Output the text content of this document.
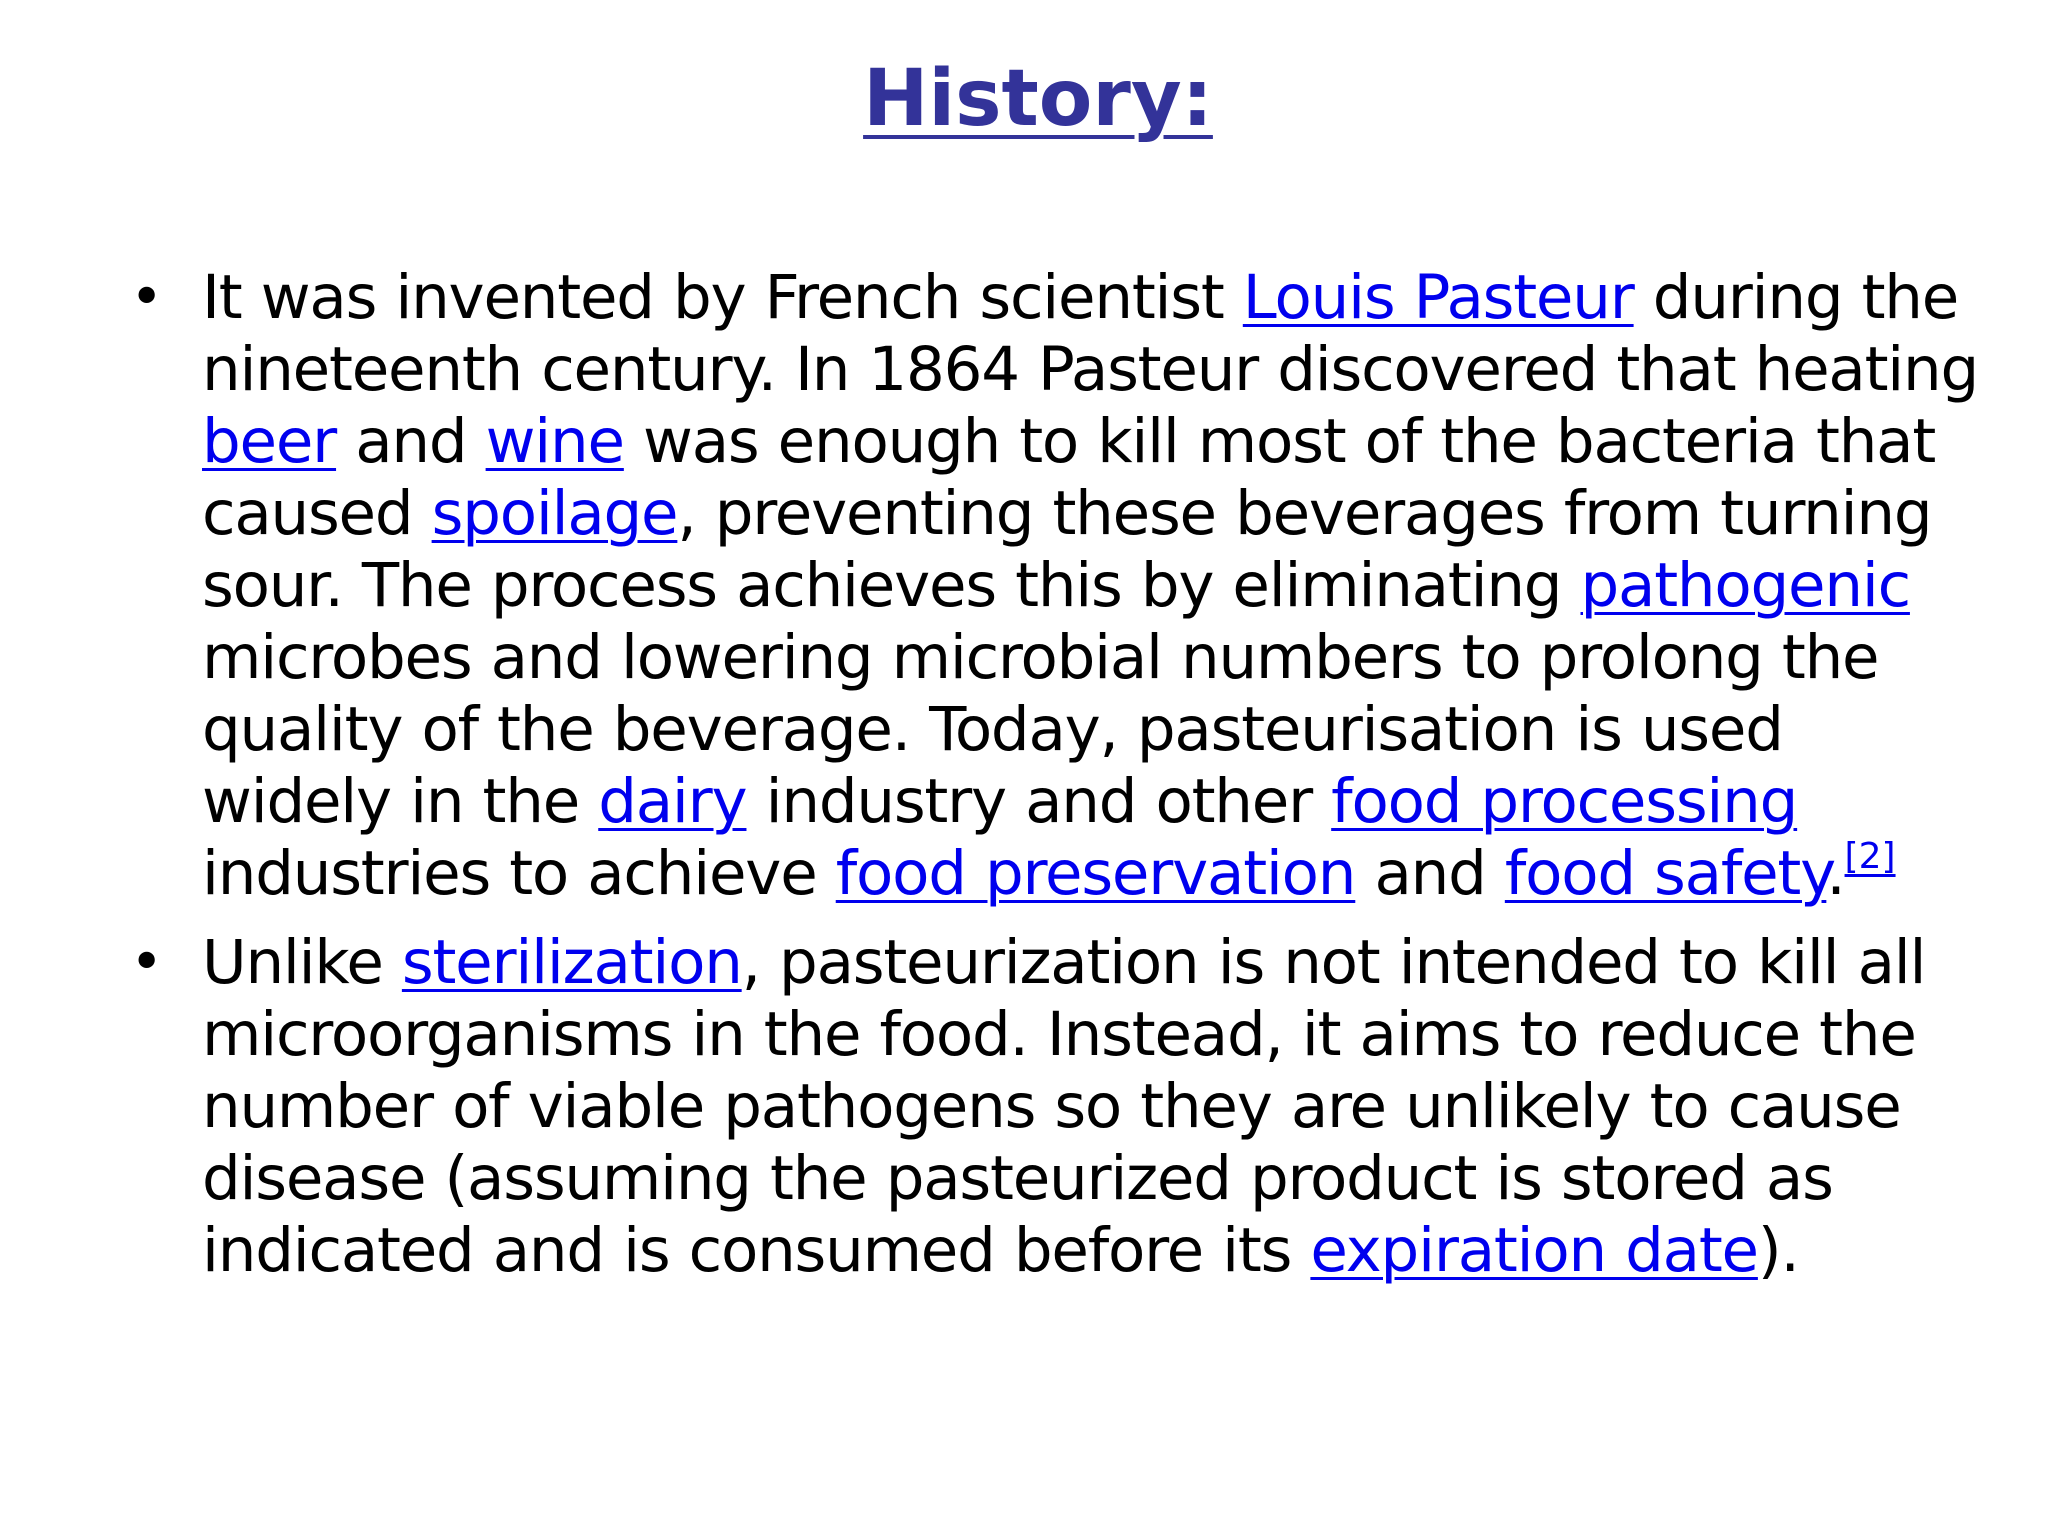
History:
• It was invented by French scientist Louis Pasteur during the nineteenth century. In 1864 Pasteur discovered that heating beer and wine was enough to kill most of the bacteria that caused spoilage, preventing these beverages from turning sour. The process achieves this by eliminating pathogenic microbes and lowering microbial numbers to prolong the quality of the beverage. Today, pasteurisation is used widely in the dairy industry and other food processing industries to achieve food preservation and food safety.[2]
• Unlike sterilization, pasteurization is not intended to kill all microorganisms in the food. Instead, it aims to reduce the number of viable pathogens so they are unlikely to cause disease (assuming the pasteurized product is stored as indicated and is consumed before its expiration date).
